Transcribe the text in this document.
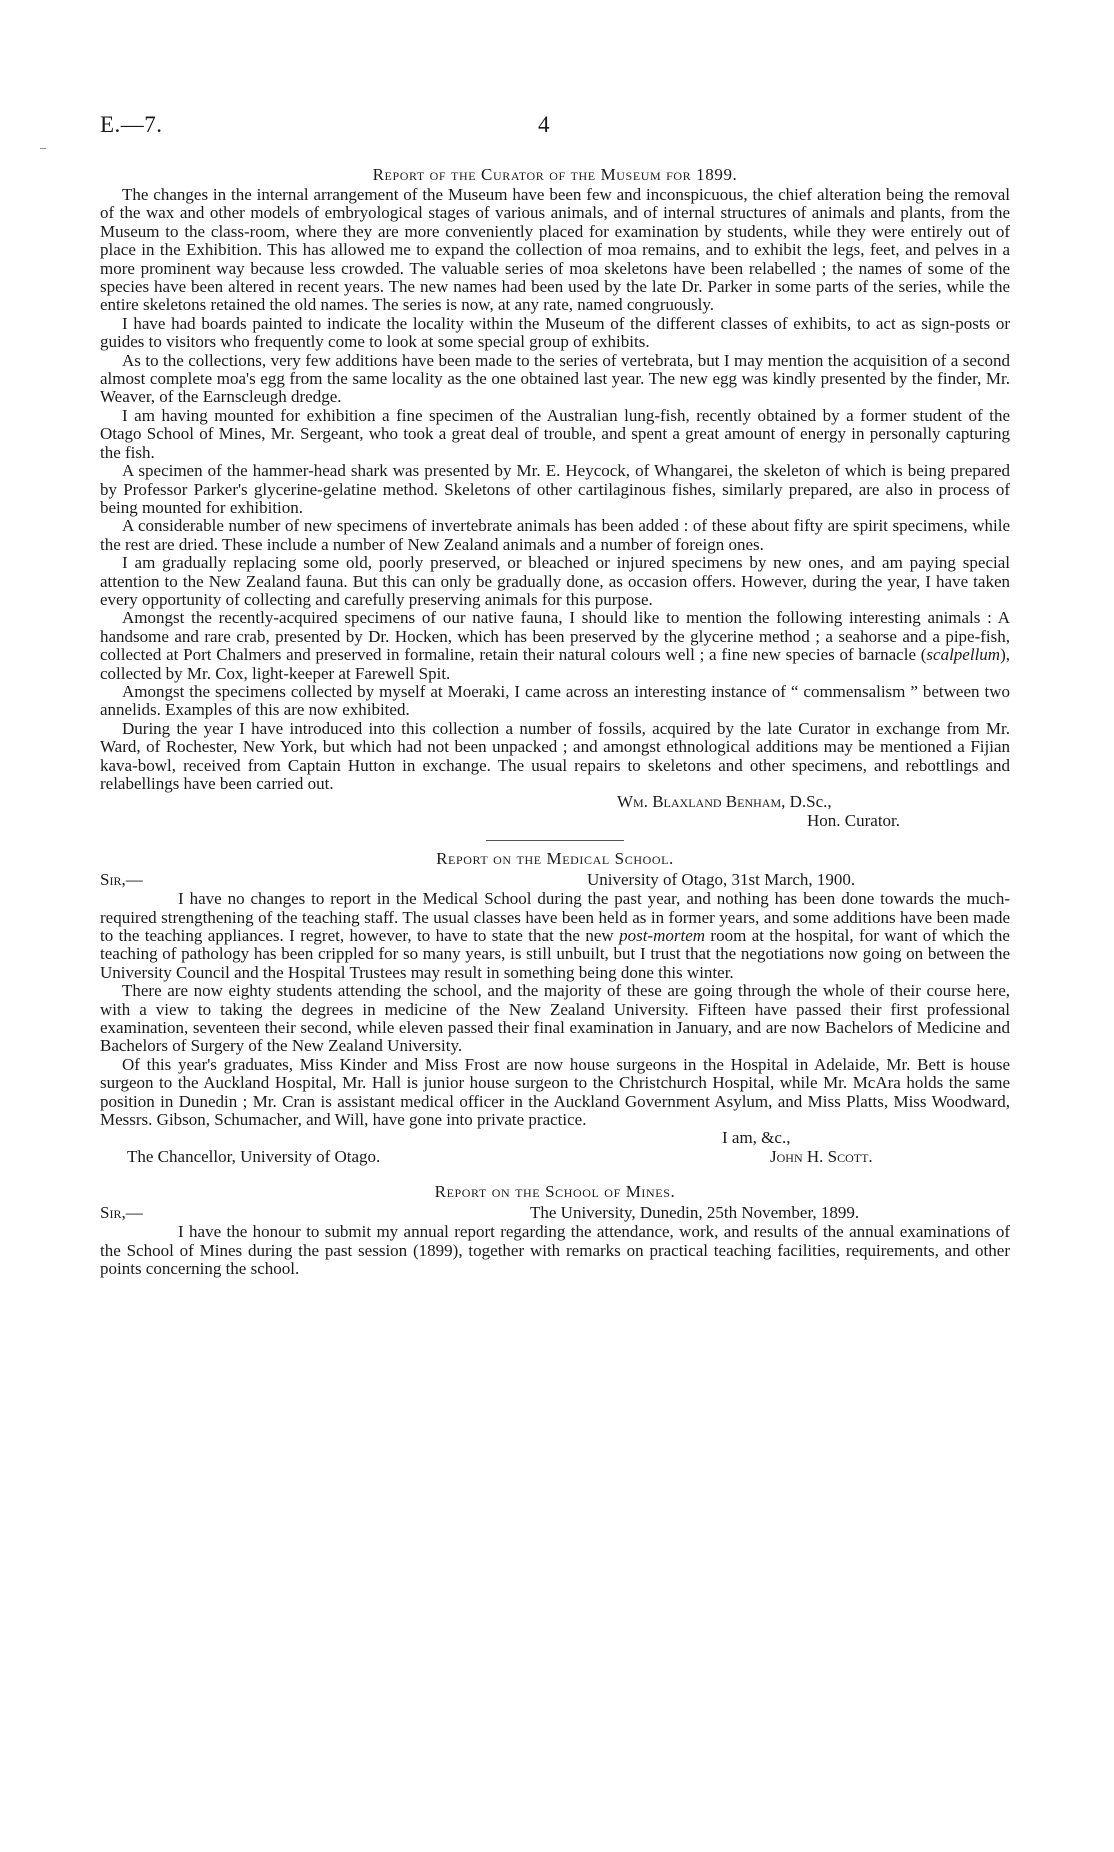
–
E.—7.	4
Report of the Curator of the Museum for 1899.

The changes in the internal arrangement of the Museum have been few and inconspicuous, the chief alteration being the removal of the wax and other models of embryological stages of various animals, and of internal structures of animals and plants, from the Museum to the class-room, where they are more conveniently placed for examination by students, while they were entirely out of place in the Exhibition. This has allowed me to expand the collection of moa remains, and to exhibit the legs, feet, and pelves in a more prominent way because less crowded. The valuable series of moa skeletons have been relabelled ; the names of some of the species have been altered in recent years. The new names had been used by the late Dr. Parker in some parts of the series, while the entire skeletons retained the old names. The series is now, at any rate, named congruously.

I have had boards painted to indicate the locality within the Museum of the different classes of exhibits, to act as sign-posts or guides to visitors who frequently come to look at some special group of exhibits.

As to the collections, very few additions have been made to the series of vertebrata, but I may mention the acquisition of a second almost complete moa's egg from the same locality as the one obtained last year. The new egg was kindly presented by the finder, Mr. Weaver, of the Earnscleugh dredge.

I am having mounted for exhibition a fine specimen of the Australian lung-fish, recently obtained by a former student of the Otago School of Mines, Mr. Sergeant, who took a great deal of trouble, and spent a great amount of energy in personally capturing the fish.

A specimen of the hammer-head shark was presented by Mr. E. Heycock, of Whangarei, the skeleton of which is being prepared by Professor Parker's glycerine-gelatine method. Skeletons of other cartilaginous fishes, similarly prepared, are also in process of being mounted for exhibition.

A considerable number of new specimens of invertebrate animals has been added : of these about fifty are spirit specimens, while the rest are dried. These include a number of New Zealand animals and a number of foreign ones.

I am gradually replacing some old, poorly preserved, or bleached or injured specimens by new ones, and am paying special attention to the New Zealand fauna. But this can only be gradually done, as occasion offers. However, during the year, I have taken every opportunity of collecting and carefully preserving animals for this purpose.

Amongst the recently-acquired specimens of our native fauna, I should like to mention the following interesting animals : A handsome and rare crab, presented by Dr. Hocken, which has been preserved by the glycerine method ; a seahorse and a pipe-fish, collected at Port Chalmers and preserved in formaline, retain their natural colours well ; a fine new species of barnacle (scalpellum), collected by Mr. Cox, light-keeper at Farewell Spit.

Amongst the specimens collected by myself at Moeraki, I came across an interesting instance of “ commensalism ” between two annelids. Examples of this are now exhibited.

During the year I have introduced into this collection a number of fossils, acquired by the late Curator in exchange from Mr. Ward, of Rochester, New York, but which had not been unpacked ; and amongst ethnological additions may be mentioned a Fijian kava-bowl, received from Captain Hutton in exchange. The usual repairs to skeletons and other specimens, and rebottlings and relabellings have been carried out.

Wm. Blaxland Benham, D.Sc.,
Hon. Curator.
Report on the Medical School.
Sir,—	University of Otago, 31st March, 1900.

I have no changes to report in the Medical School during the past year, and nothing has been done towards the much-required strengthening of the teaching staff. The usual classes have been held as in former years, and some additions have been made to the teaching appliances. I regret, however, to have to state that the new post-mortem room at the hospital, for want of which the teaching of pathology has been crippled for so many years, is still unbuilt, but I trust that the negotiations now going on between the University Council and the Hospital Trustees may result in something being done this winter.

There are now eighty students attending the school, and the majority of these are going through the whole of their course here, with a view to taking the degrees in medicine of the New Zealand University. Fifteen have passed their first professional examination, seventeen their second, while eleven passed their final examination in January, and are now Bachelors of Medicine and Bachelors of Surgery of the New Zealand University.

Of this year's graduates, Miss Kinder and Miss Frost are now house surgeons in the Hospital in Adelaide, Mr. Bett is house surgeon to the Auckland Hospital, Mr. Hall is junior house surgeon to the Christchurch Hospital, while Mr. McAra holds the same position in Dunedin ; Mr. Cran is assistant medical officer in the Auckland Government Asylum, and Miss Platts, Miss Woodward, Messrs. Gibson, Schumacher, and Will, have gone into private practice.

I am, &c.,
The Chancellor, University of Otago.	John H. Scott.
Report on the School of Mines.
Sir,—	The University, Dunedin, 25th November, 1899.

I have the honour to submit my annual report regarding the attendance, work, and results of the annual examinations of the School of Mines during the past session (1899), together with remarks on practical teaching facilities, requirements, and other points concerning the school.
